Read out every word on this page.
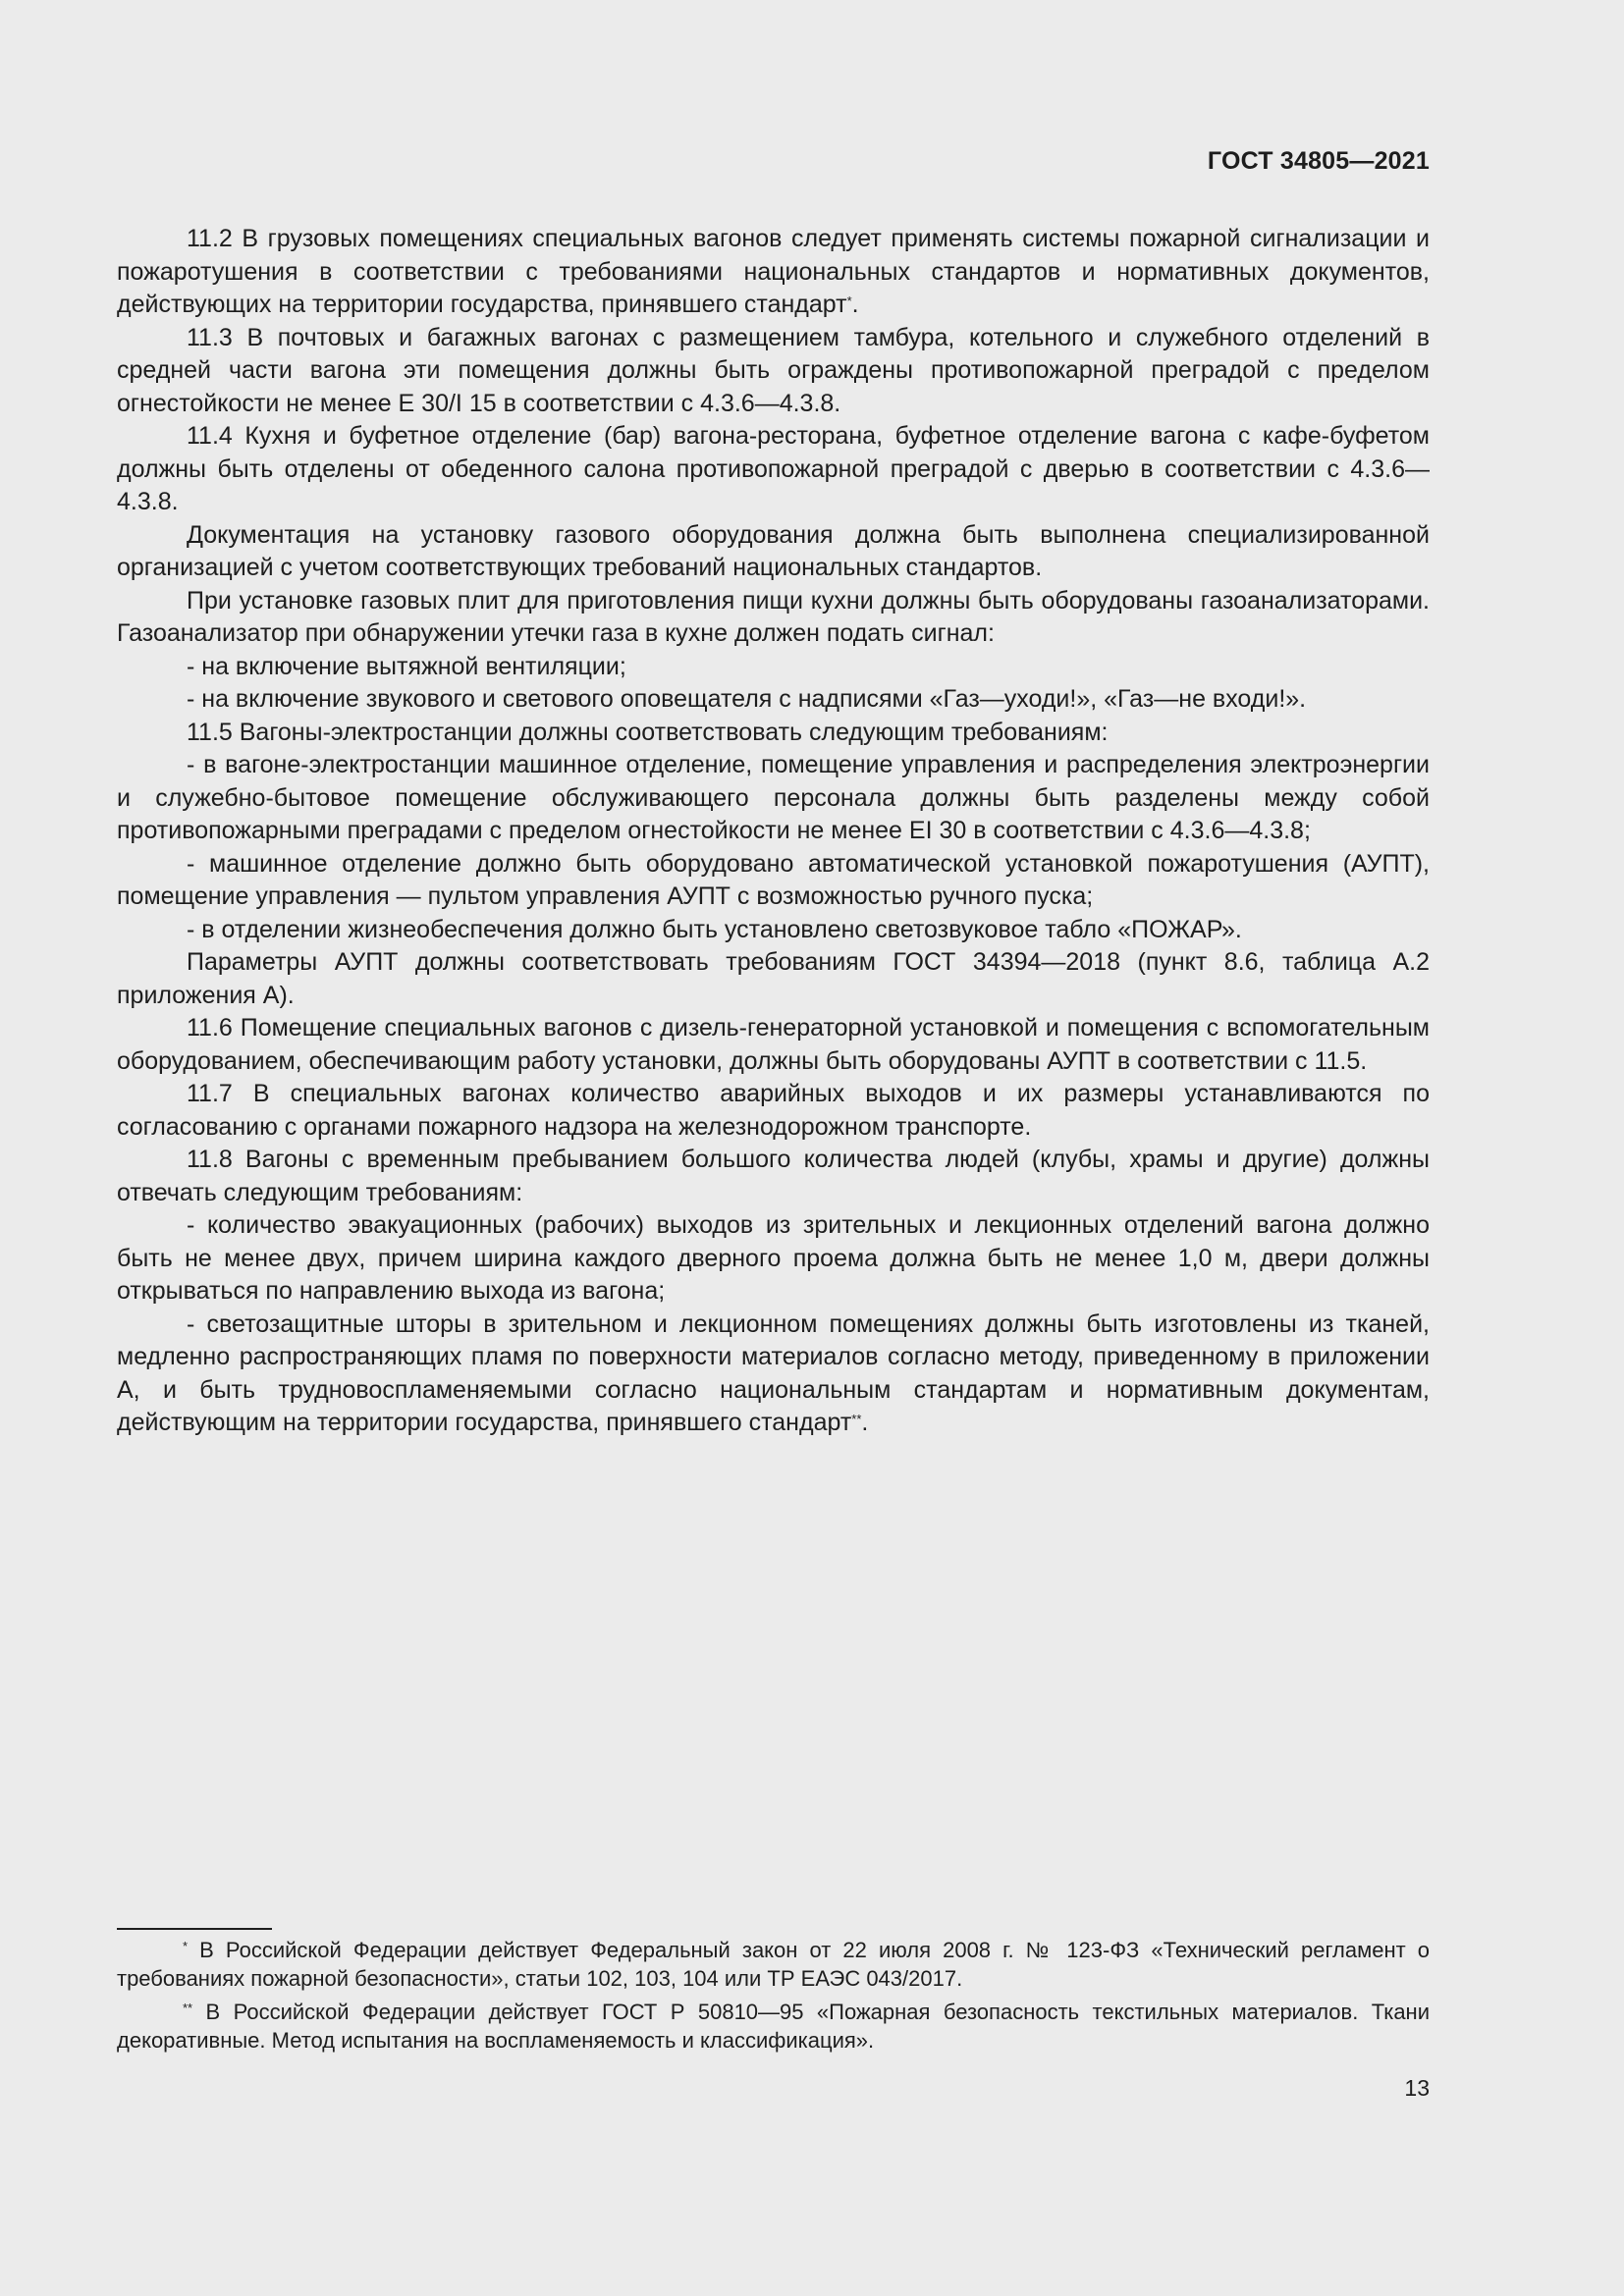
ГОСТ 34805—2021

11.2 В грузовых помещениях специальных вагонов следует применять системы пожарной сигнализации и пожаротушения в соответствии с требованиями национальных стандартов и нормативных документов, действующих на территории государства, принявшего стандарт*.

11.3 В почтовых и багажных вагонах с размещением тамбура, котельного и служебного отделений в средней части вагона эти помещения должны быть ограждены противопожарной преградой с пределом огнестойкости не менее Е 30/I 15 в соответствии с 4.3.6—4.3.8.

11.4 Кухня и буфетное отделение (бар) вагона-ресторана, буфетное отделение вагона с кафе-буфетом должны быть отделены от обеденного салона противопожарной преградой с дверью в соответствии с 4.3.6—4.3.8.

Документация на установку газового оборудования должна быть выполнена специализированной организацией с учетом соответствующих требований национальных стандартов.

При установке газовых плит для приготовления пищи кухни должны быть оборудованы газоанализаторами. Газоанализатор при обнаружении утечки газа в кухне должен подать сигнал:

- на включение вытяжной вентиляции;

- на включение звукового и светового оповещателя с надписями «Газ—уходи!», «Газ—не входи!».

11.5 Вагоны-электростанции должны соответствовать следующим требованиям:

- в вагоне-электростанции машинное отделение, помещение управления и распределения электроэнергии и служебно-бытовое помещение обслуживающего персонала должны быть разделены между собой противопожарными преградами с пределом огнестойкости не менее EI 30 в соответствии с 4.3.6—4.3.8;

- машинное отделение должно быть оборудовано автоматической установкой пожаротушения (АУПТ), помещение управления — пультом управления АУПТ с возможностью ручного пуска;

- в отделении жизнеобеспечения должно быть установлено светозвуковое табло «ПОЖАР».

Параметры АУПТ должны соответствовать требованиям ГОСТ 34394—2018 (пункт 8.6, таблица А.2 приложения А).

11.6 Помещение специальных вагонов с дизель-генераторной установкой и помещения с вспомогательным оборудованием, обеспечивающим работу установки, должны быть оборудованы АУПТ в соответствии с 11.5.

11.7 В специальных вагонах количество аварийных выходов и их размеры устанавливаются по согласованию с органами пожарного надзора на железнодорожном транспорте.

11.8 Вагоны с временным пребыванием большого количества людей (клубы, храмы и другие) должны отвечать следующим требованиям:

- количество эвакуационных (рабочих) выходов из зрительных и лекционных отделений вагона должно быть не менее двух, причем ширина каждого дверного проема должна быть не менее 1,0 м, двери должны открываться по направлению выхода из вагона;

- светозащитные шторы в зрительном и лекционном помещениях должны быть изготовлены из тканей, медленно распространяющих пламя по поверхности материалов согласно методу, приведенному в приложении А, и быть трудновоспламеняемыми согласно национальным стандартам и нормативным документам, действующим на территории государства, принявшего стандарт**.

* В Российской Федерации действует Федеральный закон от 22 июля 2008 г. № 123-ФЗ «Технический регламент о требованиях пожарной безопасности», статьи 102, 103, 104 или ТР ЕАЭС 043/2017.

** В Российской Федерации действует ГОСТ Р 50810—95 «Пожарная безопасность текстильных материалов. Ткани декоративные. Метод испытания на воспламеняемость и классификация».

13
